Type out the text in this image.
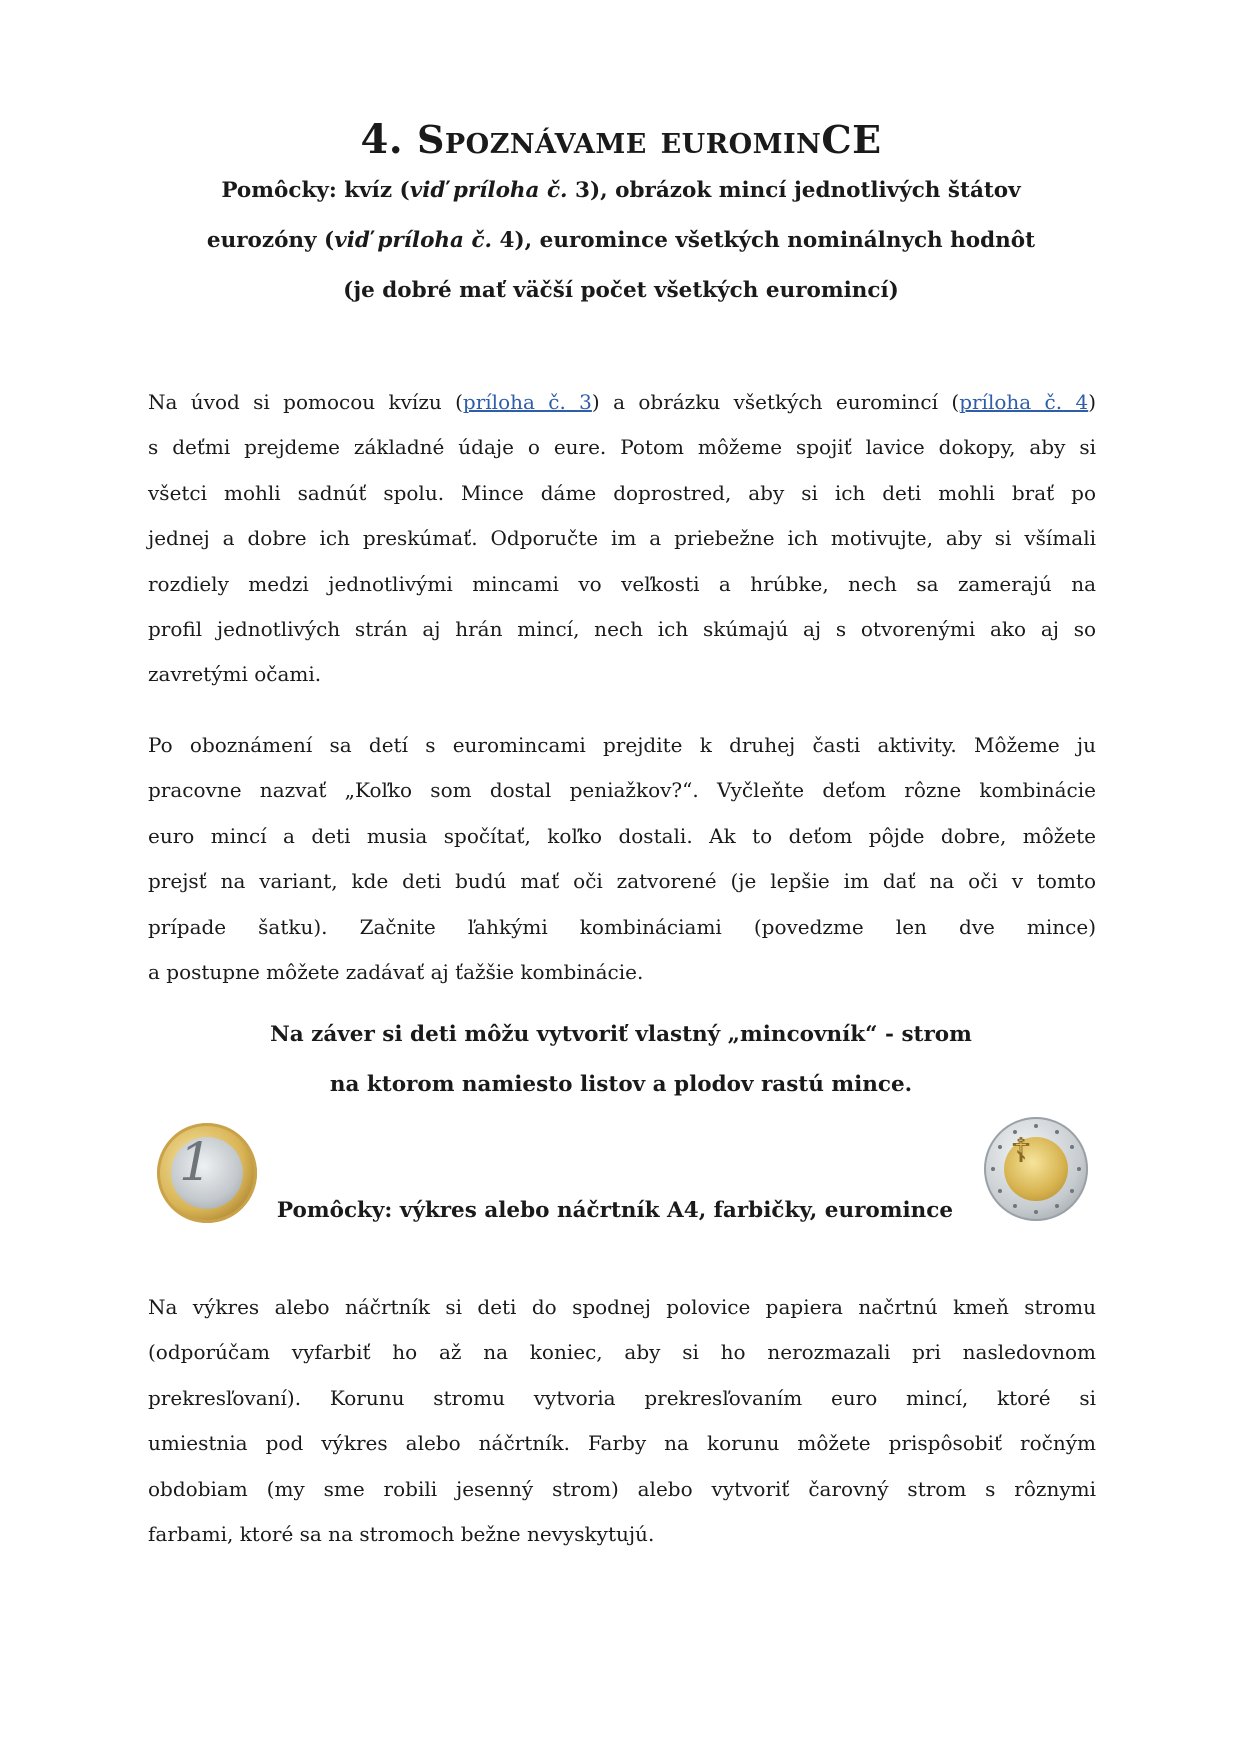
4. Spoznávame eurominCE
Pomôcky: kvíz (viď príloha č. 3), obrázok mincí jednotlivých štátov
eurozóny (viď príloha č. 4), euromince všetkých nominálnych hodnôt
(je dobré mať väčší počet všetkých euromincí)
Na úvod si pomocou kvízu (príloha č. 3) a obrázku všetkých euromincí (príloha č. 4)
s deťmi prejdeme základné údaje o eure. Potom môžeme spojiť lavice dokopy, aby si
všetci mohli sadnúť spolu. Mince dáme doprostred, aby si ich deti mohli brať po
jednej a dobre ich preskúmať. Odporučte im a priebežne ich motivujte, aby si všímali
rozdiely medzi jednotlivými mincami vo veľkosti a hrúbke, nech sa zamerajú na
profil jednotlivých strán aj hrán mincí, nech ich skúmajú aj s otvorenými ako aj so
zavretými očami.
Po oboznámení sa detí s euromincami prejdite k druhej časti aktivity. Môžeme ju
pracovne nazvať „Koľko som dostal peniažkov?“. Vyčleňte deťom rôzne kombinácie
euro mincí a deti musia spočítať, koľko dostali. Ak to deťom pôjde dobre, môžete
prejsť na variant, kde deti budú mať oči zatvorené (je lepšie im dať na oči v tomto
prípade šatku). Začnite ľahkými kombináciami (povedzme len dve mince)
a postupne môžete zadávať aj ťažšie kombinácie.
Na záver si deti môžu vytvoriť vlastný „mincovník“ - strom
na ktorom namiesto listov a plodov rastú mince.
1
Pomôcky: výkres alebo náčrtník A4, farbičky, euromince
☦
Na výkres alebo náčrtník si deti do spodnej polovice papiera načrtnú kmeň stromu
(odporúčam vyfarbiť ho až na koniec, aby si ho nerozmazali pri nasledovnom
prekresľovaní). Korunu stromu vytvoria prekresľovaním euro mincí, ktoré si
umiestnia pod výkres alebo náčrtník. Farby na korunu môžete prispôsobiť ročným
obdobiam (my sme robili jesenný strom) alebo vytvoriť čarovný strom s rôznymi
farbami, ktoré sa na stromoch bežne nevyskytujú.
